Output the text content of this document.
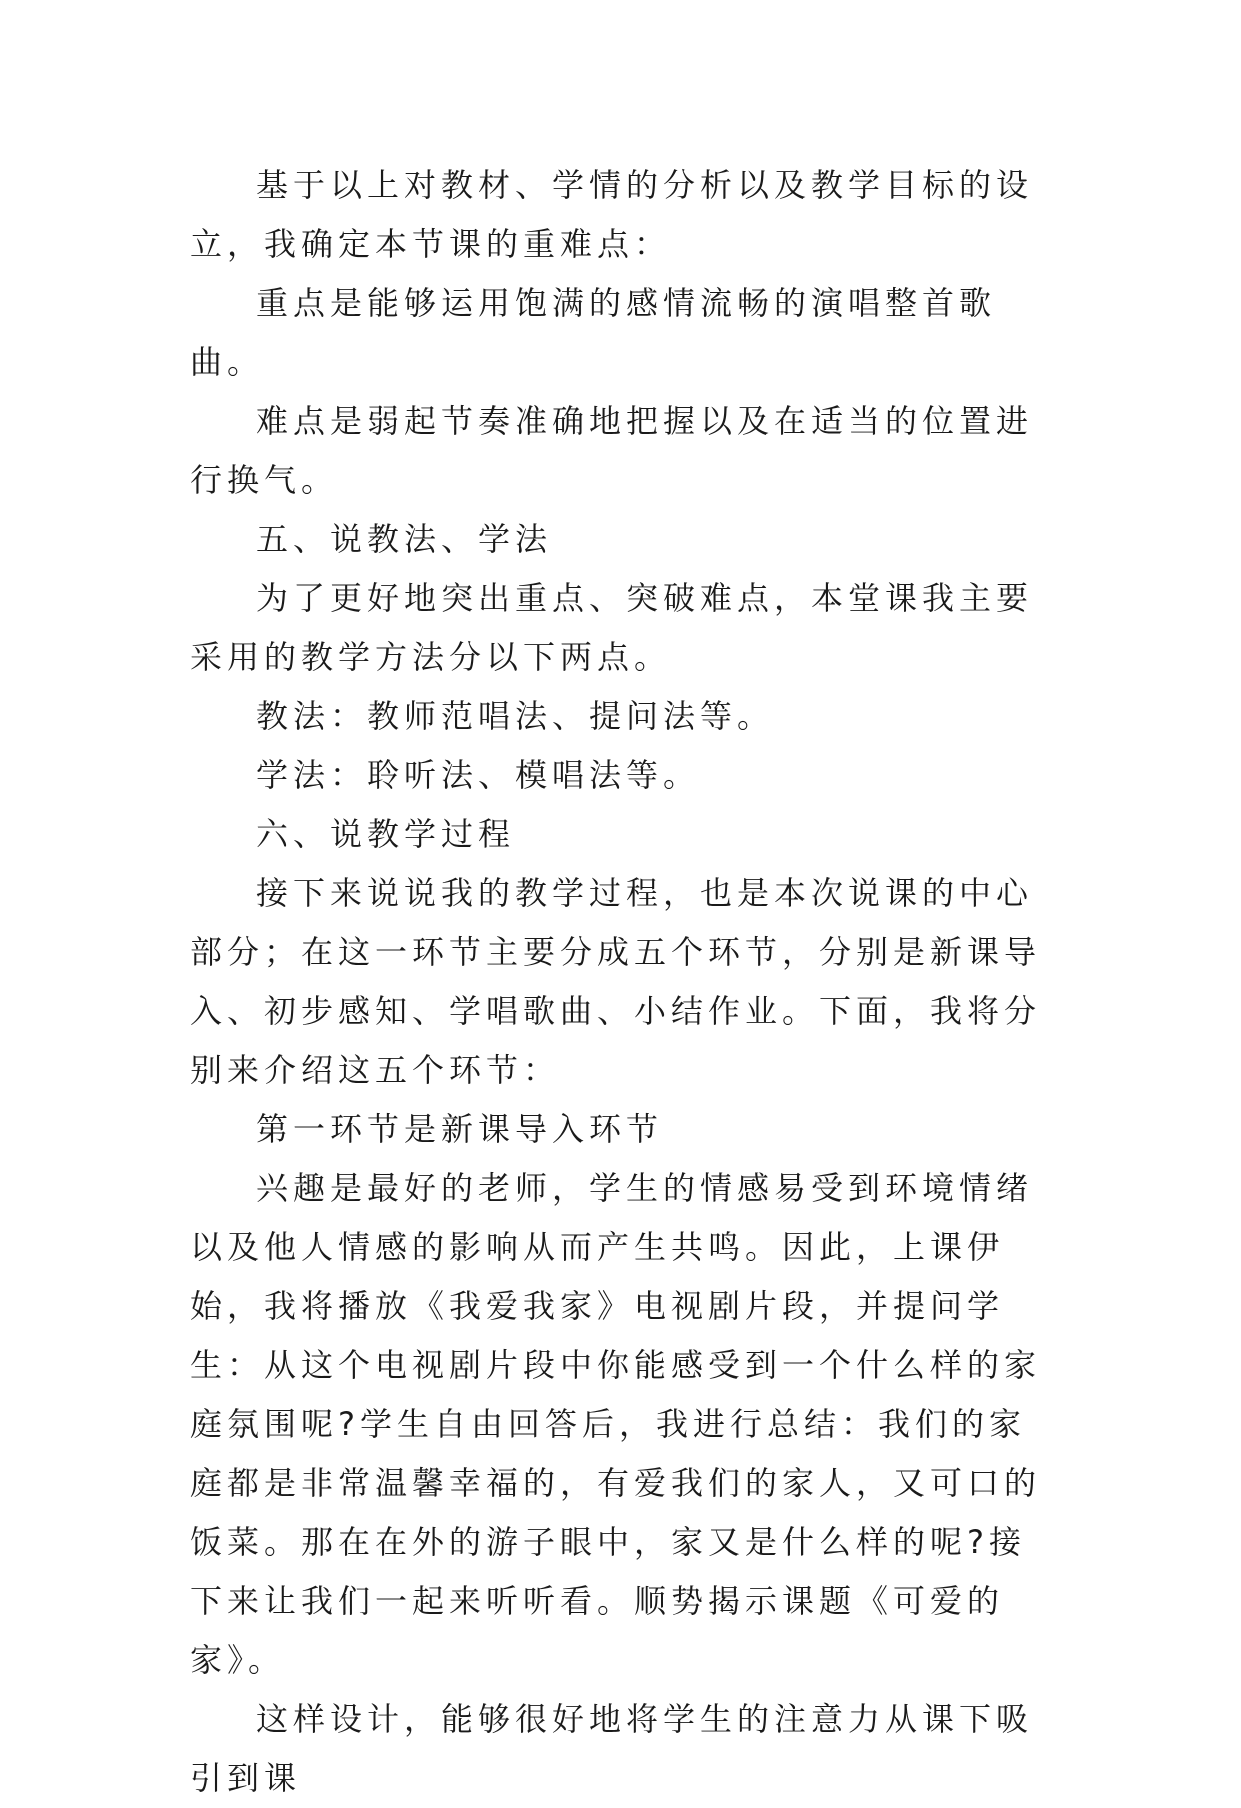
基于以上对教材、学情的分析以及教学目标的设立，我确定本节课的重难点：

重点是能够运用饱满的感情流畅的演唱整首歌曲。

难点是弱起节奏准确地把握以及在适当的位置进行换气。

五、说教法、学法

为了更好地突出重点、突破难点，本堂课我主要采用的教学方法分以下两点。

教法：教师范唱法、提问法等。

学法：聆听法、模唱法等。

六、说教学过程

接下来说说我的教学过程，也是本次说课的中心部分；在这一环节主要分成五个环节，分别是新课导入、初步感知、学唱歌曲、小结作业。下面，我将分别来介绍这五个环节：

第一环节是新课导入环节

兴趣是最好的老师，学生的情感易受到环境情绪以及他人情感的影响从而产生共鸣。因此，上课伊始，我将播放《我爱我家》电视剧片段，并提问学生：从这个电视剧片段中你能感受到一个什么样的家庭氛围呢?学生自由回答后，我进行总结：我们的家庭都是非常温馨幸福的，有爱我们的家人，又可口的饭菜。那在在外的游子眼中，家又是什么样的呢?接下来让我们一起来听听看。顺势揭示课题《可爱的家》。

这样设计，能够很好地将学生的注意力从课下吸引到课
